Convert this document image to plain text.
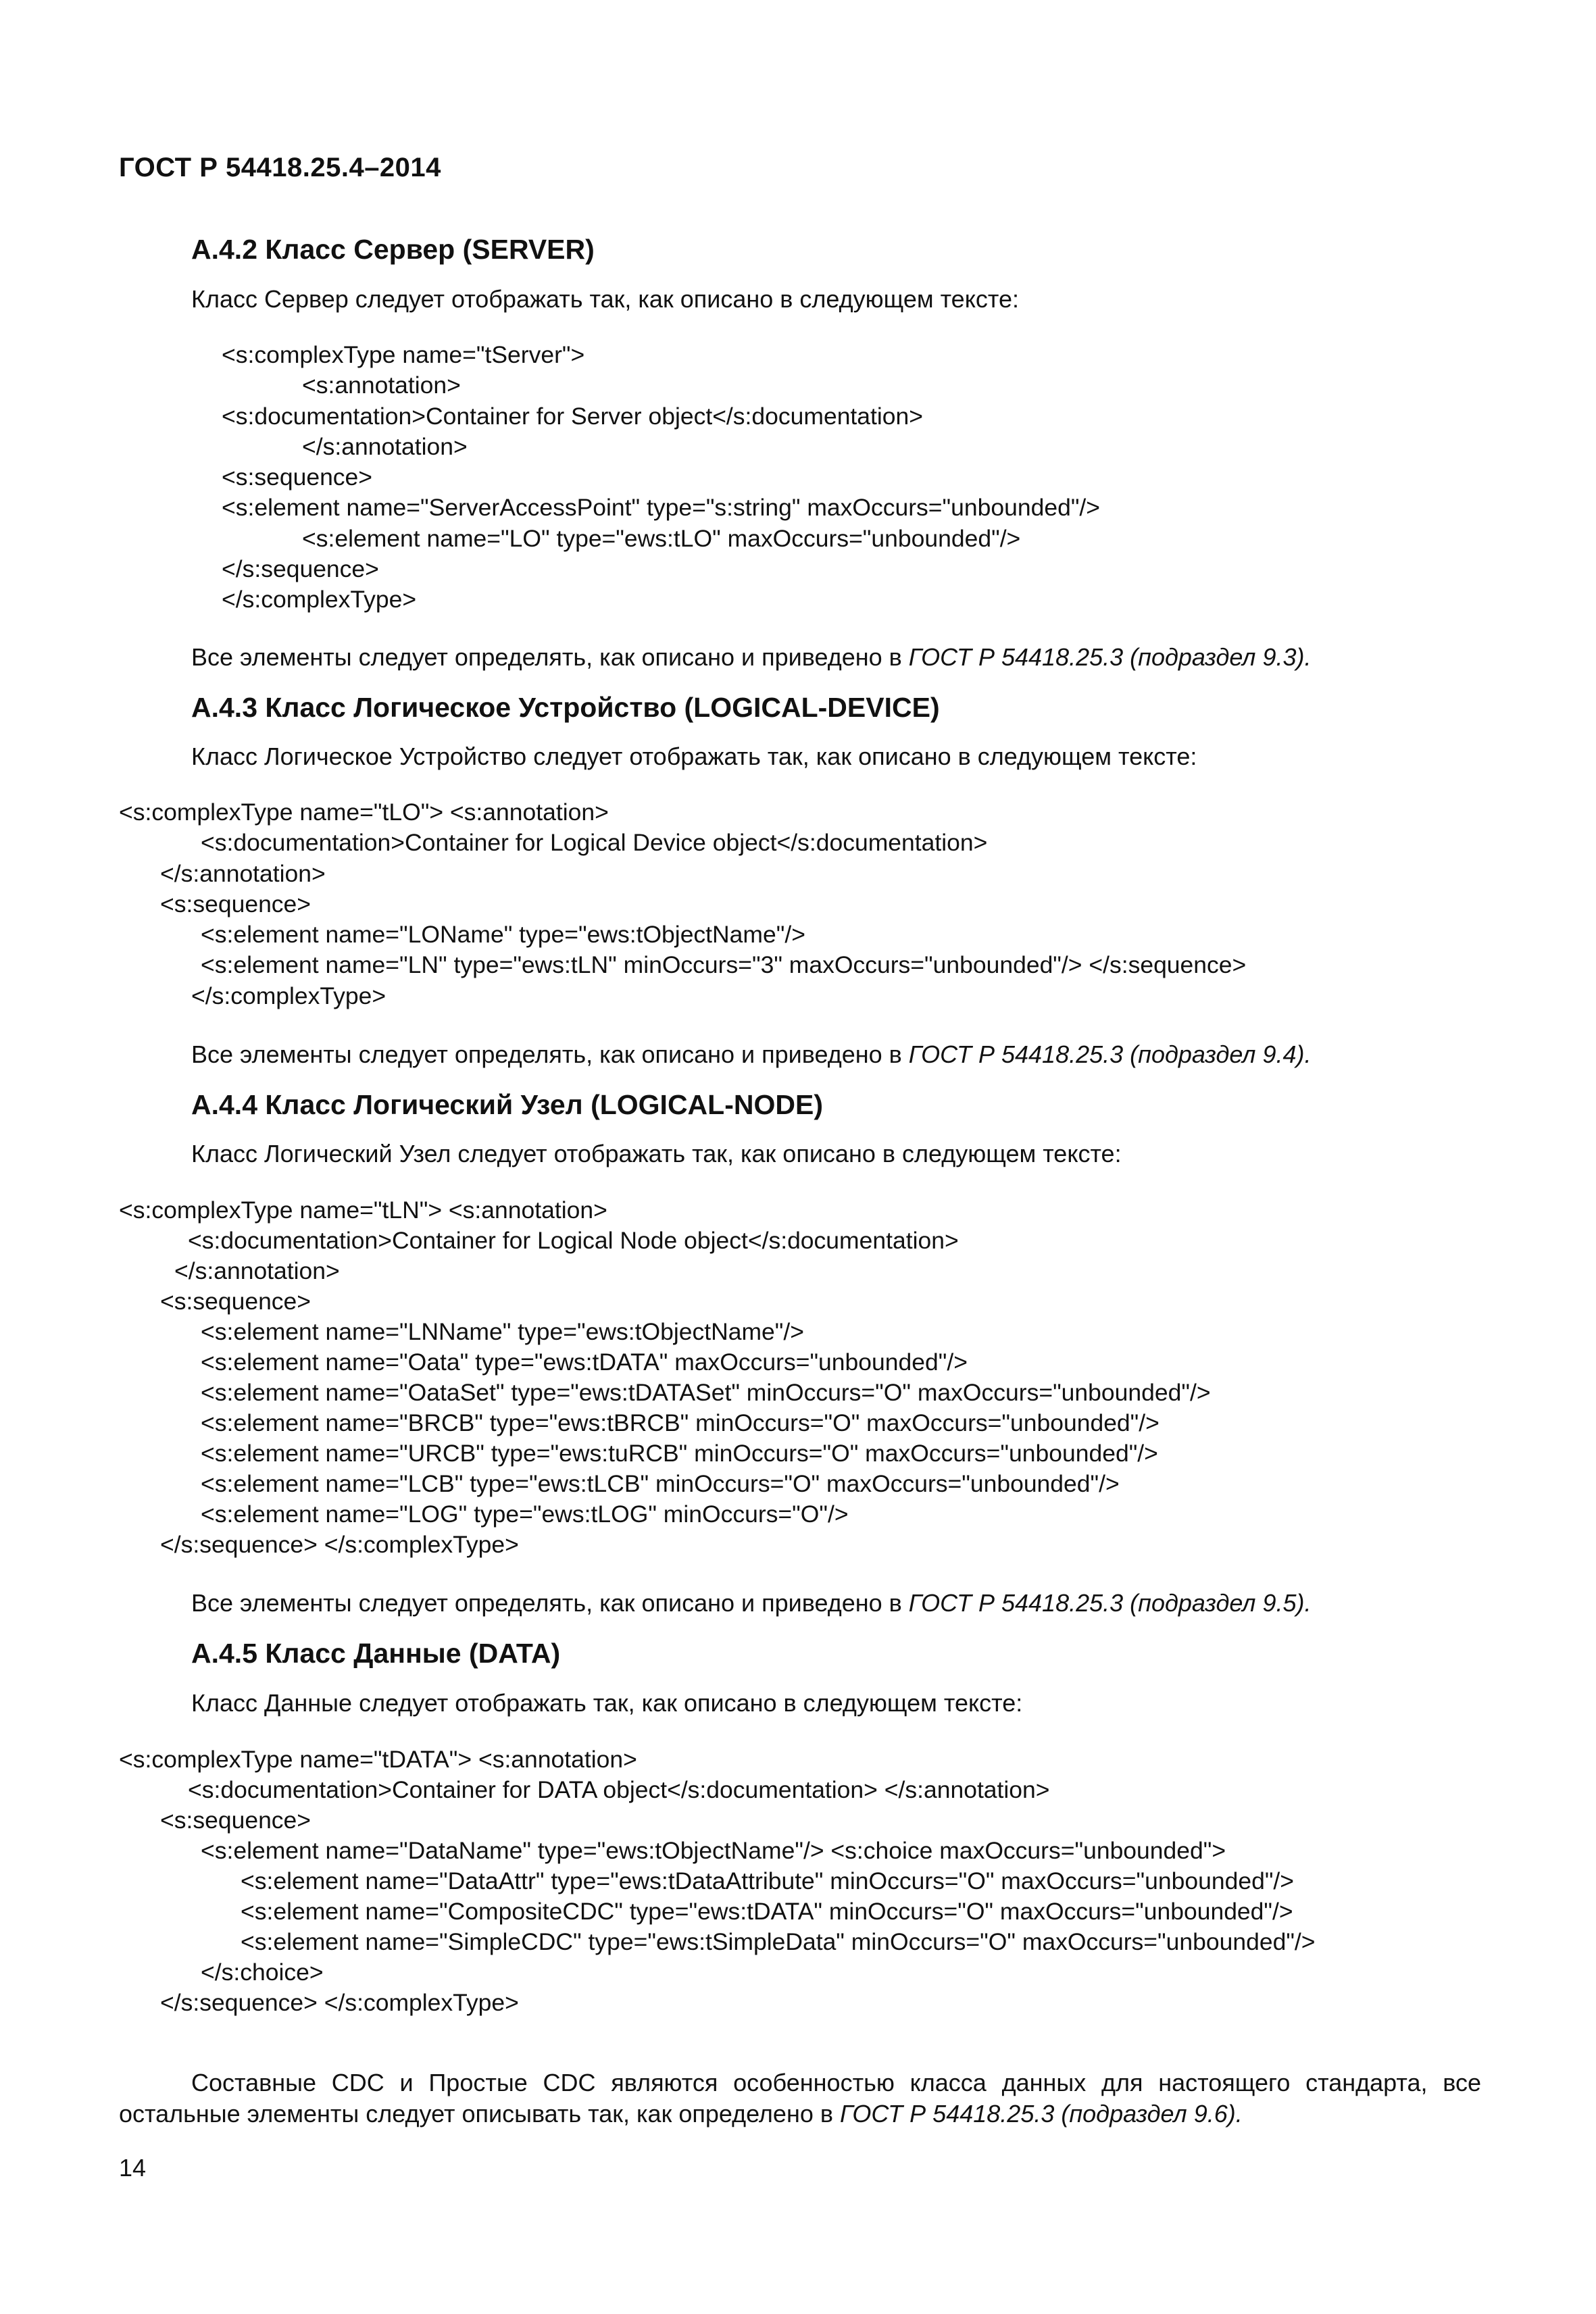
ГОСТ Р 54418.25.4–2014
А.4.2 Класс Сервер (SERVER)
Класс Сервер следует отображать так, как описано в следующем тексте:

<s:complexType name="tServer">

<s:annotation>

<s:documentation>Container for Server object</s:documentation>

</s:annotation>

<s:sequence>

<s:element name="ServerAccessPoint" type="s:string" maxOccurs="unbounded"/>

<s:element name="LO" type="ews:tLO" maxOccurs="unbounded"/>

</s:sequence>

</s:complexType>

Все элементы следует определять, как описано и приведено в ГОСТ Р 54418.25.3 (подраздел 9.3).
А.4.3 Класс Логическое Устройство (LOGICAL-DEVICE)
Класс Логическое Устройство следует отображать так, как описано в следующем тексте:

<s:complexType name="tLO"> <s:annotation>

<s:documentation>Container for Logical Device object</s:documentation>

</s:annotation>

<s:sequence>

<s:element name="LOName" type="ews:tObjectName"/>

<s:element name="LN" type="ews:tLN" minOccurs="3" maxOccurs="unbounded"/> </s:sequence>

</s:complexType>

Все элементы следует определять, как описано и приведено в ГОСТ Р 54418.25.3 (подраздел 9.4).
А.4.4 Класс Логический Узел (LOGICAL-NODE)
Класс Логический Узел следует отображать так, как описано в следующем тексте:

<s:complexType name="tLN"> <s:annotation>

<s:documentation>Container for Logical Node object</s:documentation>

</s:annotation>

<s:sequence>

<s:element name="LNName" type="ews:tObjectName"/>

<s:element name="Oata" type="ews:tDATA" maxOccurs="unbounded"/>

<s:element name="OataSet" type="ews:tDATASet" minOccurs="O" maxOccurs="unbounded"/>

<s:element name="BRCB" type="ews:tBRCB" minOccurs="O" maxOccurs="unbounded"/>

<s:element name="URCB" type="ews:tuRCB" minOccurs="O" maxOccurs="unbounded"/>

<s:element name="LCB" type="ews:tLCB" minOccurs="O" maxOccurs="unbounded"/>

<s:element name="LOG" type="ews:tLOG" minOccurs="O"/>

</s:sequence> </s:complexType>

Все элементы следует определять, как описано и приведено в ГОСТ Р 54418.25.3 (подраздел 9.5).
А.4.5 Класс Данные (DATA)
Класс Данные следует отображать так, как описано в следующем тексте:

<s:complexType name="tDATA"> <s:annotation>

<s:documentation>Container for DATA object</s:documentation> </s:annotation>

<s:sequence>

<s:element name="DataName" type="ews:tObjectName"/> <s:choice maxOccurs="unbounded">

<s:element name="DataAttr" type="ews:tDataAttribute" minOccurs="O" maxOccurs="unbounded"/>

<s:element name="CompositeCDC" type="ews:tDATA" minOccurs="O" maxOccurs="unbounded"/>

<s:element name="SimpleCDC" type="ews:tSimpleData" minOccurs="O" maxOccurs="unbounded"/>

</s:choice>

</s:sequence> </s:complexType>

Составные CDC и Простые CDC являются особенностью класса данных для настоящего стандарта, все остальные элементы следует описывать так, как определено в ГОСТ Р 54418.25.3 (подраздел 9.6).
14
